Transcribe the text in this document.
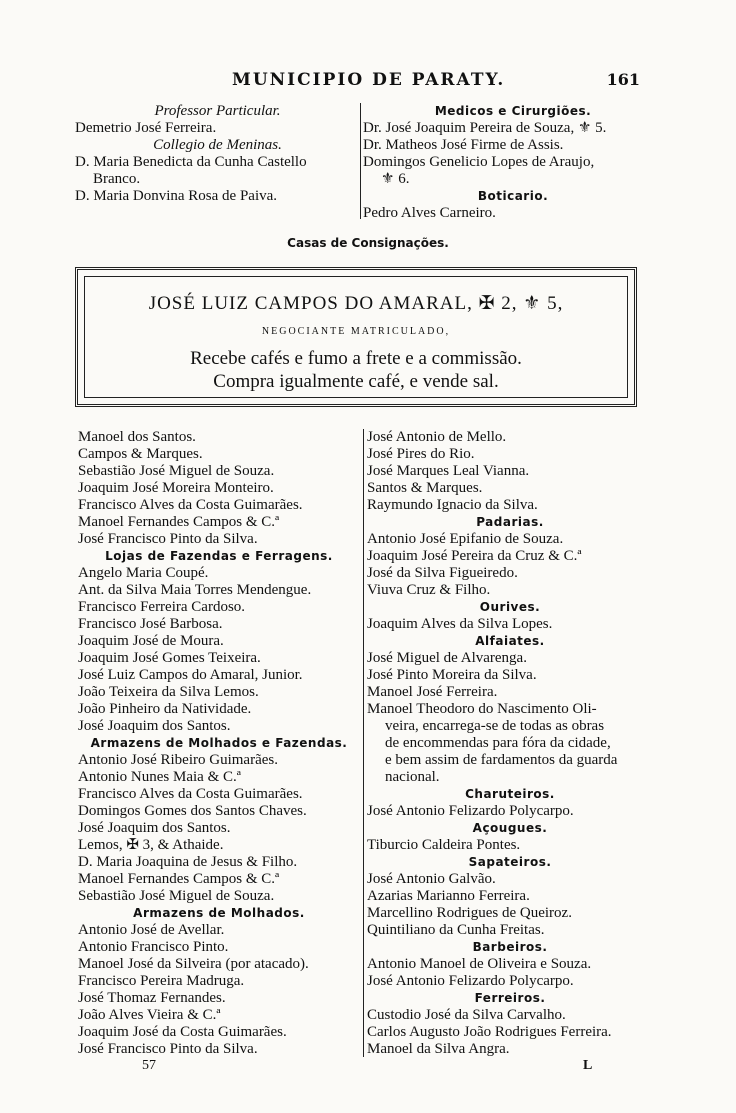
MUNICIPIO DE PARATY.	161
Professor Particular.
Demetrio José Ferreira.
Collegio de Meninas.
D. Maria Benedicta da Cunha Castello
Branco.
D. Maria Donvina Rosa de Paiva.
Medicos e Cirurgiões.
Dr. José Joaquim Pereira de Souza, ⚜ 5.
Dr. Matheos José Firme de Assis.
Domingos Genelicio Lopes de Araujo,
⚜ 6.
Boticario.
Pedro Alves Carneiro.
Casas de Consignações.
JOSÉ LUIZ CAMPOS DO AMARAL, ✠ 2, ⚜ 5,
NEGOCIANTE MATRICULADO,
Recebe cafés e fumo a frete e a commissão.
Compra igualmente café, e vende sal.
Manoel dos Santos.
Campos & Marques.
Sebastião José Miguel de Souza.
Joaquim José Moreira Monteiro.
Francisco Alves da Costa Guimarães.
Manoel Fernandes Campos & C.ª
José Francisco Pinto da Silva.
Lojas de Fazendas e Ferragens.
Angelo Maria Coupé.
Ant. da Silva Maia Torres Mendengue.
Francisco Ferreira Cardoso.
Francisco José Barbosa.
Joaquim José de Moura.
Joaquim José Gomes Teixeira.
José Luiz Campos do Amaral, Junior.
João Teixeira da Silva Lemos.
João Pinheiro da Natividade.
José Joaquim dos Santos.
Armazens de Molhados e Fazendas.
Antonio José Ribeiro Guimarães.
Antonio Nunes Maia & C.ª
Francisco Alves da Costa Guimarães.
Domingos Gomes dos Santos Chaves.
José Joaquim dos Santos.
Lemos, ✠ 3, & Athaide.
D. Maria Joaquina de Jesus & Filho.
Manoel Fernandes Campos & C.ª
Sebastião José Miguel de Souza.
Armazens de Molhados.
Antonio José de Avellar.
Antonio Francisco Pinto.
Manoel José da Silveira (por atacado).
Francisco Pereira Madruga.
José Thomaz Fernandes.
João Alves Vieira & C.ª
Joaquim José da Costa Guimarães.
José Francisco Pinto da Silva.
José Antonio de Mello.
José Pires do Rio.
José Marques Leal Vianna.
Santos & Marques.
Raymundo Ignacio da Silva.
Padarias.
Antonio José Epifanio de Souza.
Joaquim José Pereira da Cruz & C.ª
José da Silva Figueiredo.
Viuva Cruz & Filho.
Ourives.
Joaquim Alves da Silva Lopes.
Alfaiates.
José Miguel de Alvarenga.
José Pinto Moreira da Silva.
Manoel José Ferreira.
Manoel Theodoro do Nascimento Oli-
veira, encarrega-se de todas as obras
de encommendas para fóra da cidade,
e bem assim de fardamentos da guarda
nacional.
Charuteiros.
José Antonio Felizardo Polycarpo.
Açougues.
Tiburcio Caldeira Pontes.
Sapateiros.
José Antonio Galvão.
Azarias Marianno Ferreira.
Marcellino Rodrigues de Queiroz.
Quintiliano da Cunha Freitas.
Barbeiros.
Antonio Manoel de Oliveira e Souza.
José Antonio Felizardo Polycarpo.
Ferreiros.
Custodio José da Silva Carvalho.
Carlos Augusto João Rodrigues Ferreira.
Manoel da Silva Angra.
57	L
